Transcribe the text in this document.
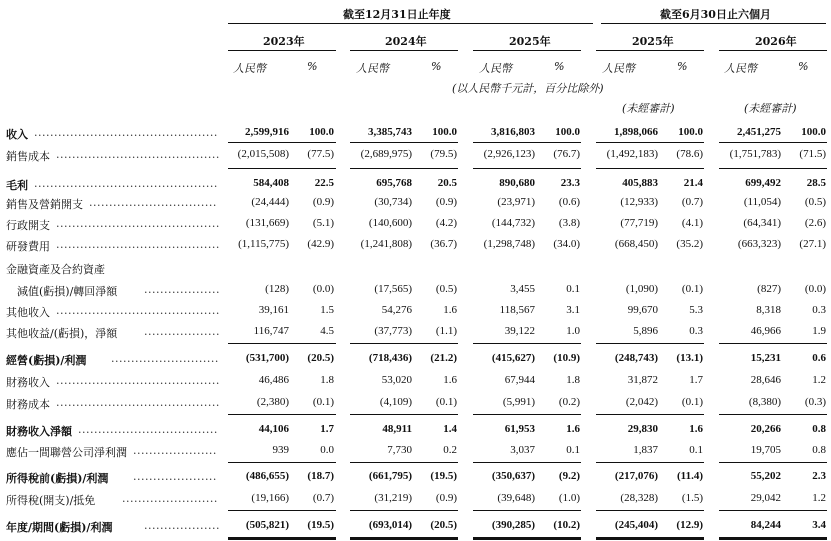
截至12月31日止年度	截至6月30日止六個月
2023年	2024年	2025年	2025年	2026年
人民幣	%	人民幣	%	人民幣	%	人民幣	%	人民幣	%
(以人民幣千元計，百分比除外)
(未經審計)	(未經審計)
收入 ..............................................	2,599,916	100.0	3,385,743	100.0	3,816,803	100.0	1,898,066	100.0	2,451,275	100.0
銷售成本 .........................................	(2,015,508)	(77.5)	(2,689,975)	(79.5)	(2,926,123)	(76.7)	(1,492,183)	(78.6)	(1,751,783)	(71.5)
毛利 ..............................................	584,408	22.5	695,768	20.5	890,680	23.3	405,883	21.4	699,492	28.5
銷售及營銷開支 ................................	(24,444)	(0.9)	(30,734)	(0.9)	(23,971)	(0.6)	(12,933)	(0.7)	(11,054)	(0.5)
行政開支 .........................................	(131,669)	(5.1)	(140,600)	(4.2)	(144,732)	(3.8)	(77,719)	(4.1)	(64,341)	(2.6)
研發費用 .........................................	(1,115,775)	(42.9)	(1,241,808)	(36.7)	(1,298,748)	(34.0)	(668,450)	(35.2)	(663,323)	(27.1)
金融資產及合約資產
　減值(虧損)/轉回淨額 ...................	(128)	(0.0)	(17,565)	(0.5)	3,455	0.1	(1,090)	(0.1)	(827)	(0.0)
其他收入 .........................................	39,161	1.5	54,276	1.6	118,567	3.1	99,670	5.3	8,318	0.3
其他收益/(虧損)，淨額 ...................	116,747	4.5	(37,773)	(1.1)	39,122	1.0	5,896	0.3	46,966	1.9
經營(虧損)/利潤 ...........................	(531,700)	(20.5)	(718,436)	(21.2)	(415,627)	(10.9)	(248,743)	(13.1)	15,231	0.6
財務收入 .........................................	46,486	1.8	53,020	1.6	67,944	1.8	31,872	1.7	28,646	1.2
財務成本 .........................................	(2,380)	(0.1)	(4,109)	(0.1)	(5,991)	(0.2)	(2,042)	(0.1)	(8,380)	(0.3)
財務收入淨額 ...................................	44,106	1.7	48,911	1.4	61,953	1.6	29,830	1.6	20,266	0.8
應佔一間聯營公司淨利潤 .....................	939	0.0	7,730	0.2	3,037	0.1	1,837	0.1	19,705	0.8
所得稅前(虧損)/利潤 .....................	(486,655)	(18.7)	(661,795)	(19.5)	(350,637)	(9.2)	(217,076)	(11.4)	55,202	2.3
所得稅(開支)/抵免 ........................	(19,166)	(0.7)	(31,219)	(0.9)	(39,648)	(1.0)	(28,328)	(1.5)	29,042	1.2
年度/期間(虧損)/利潤	...................	(505,821)	(19.5)	(693,014)	(20.5)	(390,285)	(10.2)	(245,404)	(12.9)	84,244	3.4
